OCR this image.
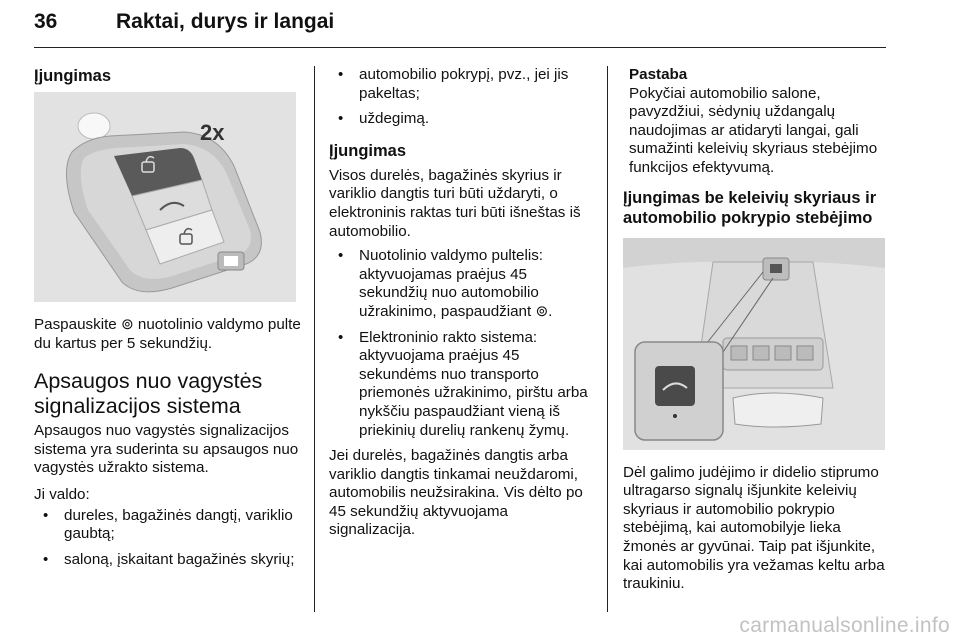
36	Raktai, durys ir langai
Įjungimas
2x

Paspauskite ⊚ nuotolinio valdymo pulte du kartus per 5 sekundžių.

Apsaugos nuo vagystės signalizacijos sistema

Apsaugos nuo vagystės signalizacijos sistema yra suderinta su apsaugos nuo vagystės užrakto sistema.

Ji valdo:

• dureles, bagažinės dangtį, variklio gaubtą;
• saloną, įskaitant bagažinės skyrių;
• automobilio pokrypį, pvz., jei jis pakeltas;
• uždegimą.
Įjungimas

Visos durelės, bagažinės skyrius ir variklio dangtis turi būti uždaryti, o elektroninis raktas turi būti išneštas iš automobilio.

• Nuotolinio valdymo pultelis: aktyvuojamas praėjus 45 sekundžių nuo automobilio užrakinimo, paspaudžiant ⊚.
• Elektroninio rakto sistema: aktyvuojama praėjus 45 sekundėms nuo transporto priemonės užrakinimo, pirštu arba nykščiu paspaudžiant vieną iš priekinių durelių rankenų žymų.

Jei durelės, bagažinės dangtis arba variklio dangtis tinkamai neuždaromi, automobilis neužsirakina. Vis dėlto po 45 sekundžių aktyvuojama signalizacija.

Pastaba

Pokyčiai automobilio salone, pavyzdžiui, sėdynių uždangalų naudojimas ar atidaryti langai, gali sumažinti keleivių skyriaus stebėjimo funkcijos efektyvumą.

Įjungimas be keleivių skyriaus ir automobilio pokrypio stebėjimo

Dėl galimo judėjimo ir didelio stiprumo ultragarso signalų išjunkite keleivių skyriaus ir automobilio pokrypio stebėjimą, kai automobilyje lieka žmonės ar gyvūnai. Taip pat išjunkite, kai automobilis yra vežamas keltu arba traukiniu.

carmanualsonline.info
